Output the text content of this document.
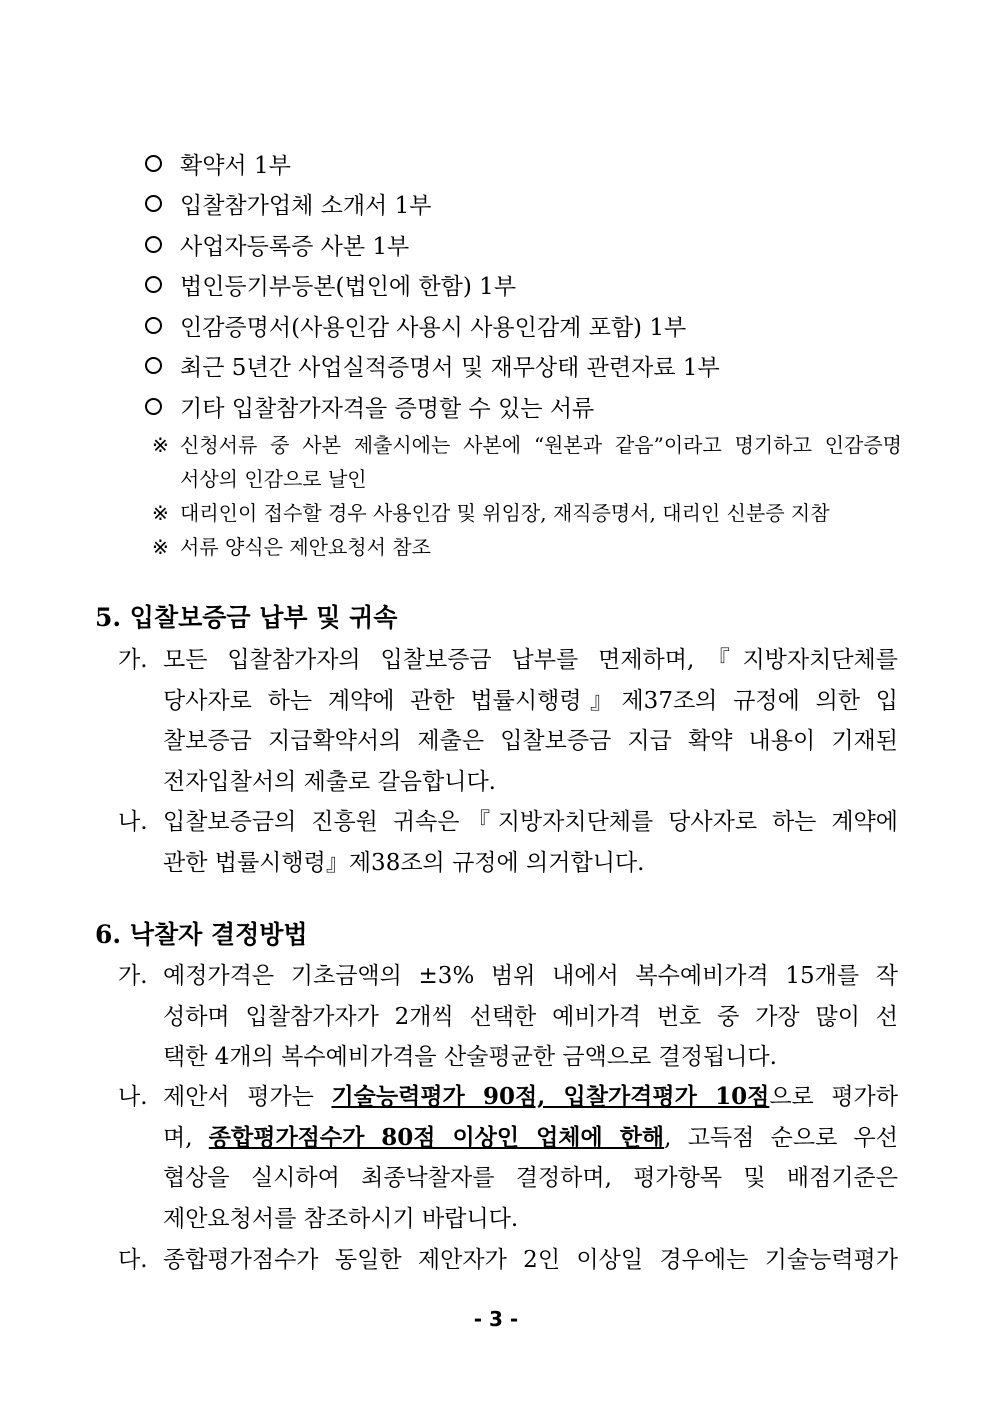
확약서 1부
입찰참가업체 소개서 1부
사업자등록증 사본 1부
법인등기부등본(법인에 한함) 1부
인감증명서(사용인감 사용시 사용인감계 포함) 1부
최근 5년간 사업실적증명서 및 재무상태 관련자료 1부
기타 입찰참가자격을 증명할 수 있는 서류
※ 신청서류 중 사본 제출시에는 사본에 “원본과 같음”이라고 명기하고 인감증명
서상의 인감으로 날인
※ 대리인이 접수할 경우 사용인감 및 위임장, 재직증명서, 대리인 신분증 지참
※ 서류 양식은 제안요청서 참조
5. 입찰보증금 납부 및 귀속
가. 모든 입찰참가자의 입찰보증금 납부를 면제하며,『지방자치단체를
당사자로 하는 계약에 관한 법률시행령』제37조의 규정에 의한 입
찰보증금 지급확약서의 제출은 입찰보증금 지급 확약 내용이 기재된
전자입찰서의 제출로 갈음합니다.
나. 입찰보증금의 진흥원 귀속은『지방자치단체를 당사자로 하는 계약에
관한 법률시행령』제38조의 규정에 의거합니다.
6. 낙찰자 결정방법
가. 예정가격은 기초금액의 ±3% 범위 내에서 복수예비가격 15개를 작
성하며 입찰참가자가 2개씩 선택한 예비가격 번호 중 가장 많이 선
택한 4개의 복수예비가격을 산술평균한 금액으로 결정됩니다.
나. 제안서 평가는 기술능력평가 90점, 입찰가격평가 10점으로 평가하
며, 종합평가점수가 80점 이상인 업체에 한해, 고득점 순으로 우선
협상을 실시하여 최종낙찰자를 결정하며, 평가항목 및 배점기준은
제안요청서를 참조하시기 바랍니다.
다. 종합평가점수가 동일한 제안자가 2인 이상일 경우에는 기술능력평가
- 3 -
